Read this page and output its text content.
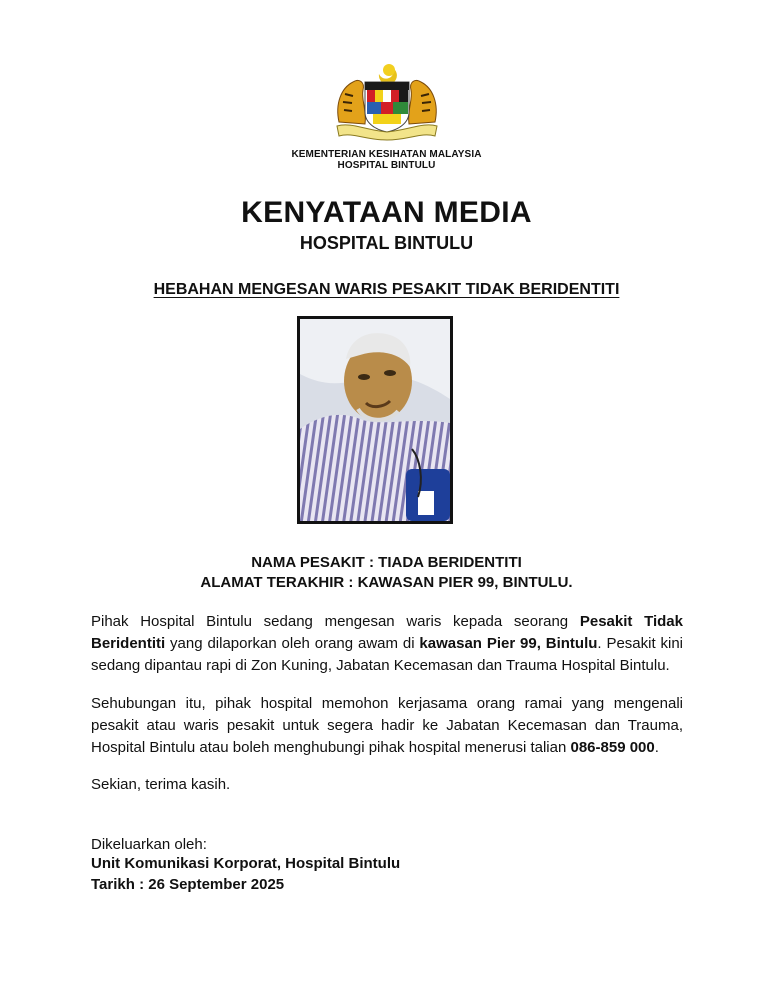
KEMENTERIAN KESIHATAN MALAYSIA
HOSPITAL BINTULU
KENYATAAN MEDIA
HOSPITAL BINTULU
HEBAHAN MENGESAN WARIS PESAKIT TIDAK BERIDENTITI
NAMA PESAKIT : TIADA BERIDENTITI
ALAMAT TERAKHIR : KAWASAN PIER 99, BINTULU.
Pihak Hospital Bintulu sedang mengesan waris kepada seorang Pesakit Tidak Beridentiti yang dilaporkan oleh orang awam di kawasan Pier 99, Bintulu. Pesakit kini sedang dipantau rapi di Zon Kuning, Jabatan Kecemasan dan Trauma Hospital Bintulu.
Sehubungan itu, pihak hospital memohon kerjasama orang ramai yang mengenali pesakit atau waris pesakit untuk segera hadir ke Jabatan Kecemasan dan Trauma, Hospital Bintulu atau boleh menghubungi pihak hospital menerusi talian 086-859 000.
Sekian, terima kasih.
Dikeluarkan oleh:
Unit Komunikasi Korporat, Hospital Bintulu
Tarikh : 26 September 2025
